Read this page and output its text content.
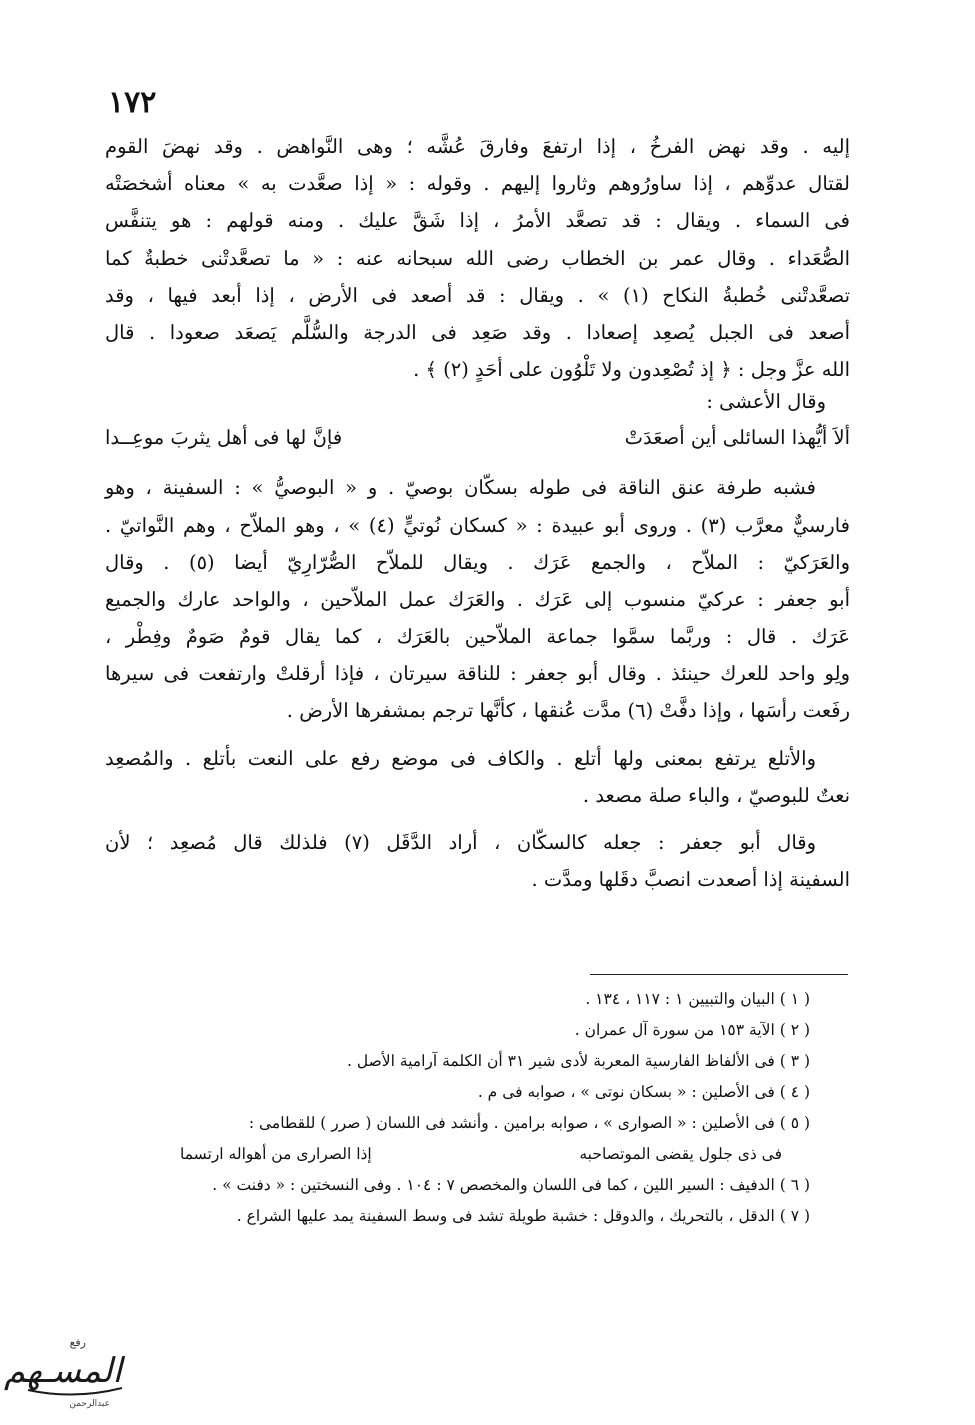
١٧٢
إليه . وقد نهض الفرخُ ، إذا ارتفعَ وفارقَ عُشَّه ؛ وهى النَّواهض . وقد نهضَ القوم
لقتال عدوِّهم ، إذا ساورُوهم وثاروا إليهم . وقوله : « إذا صعَّدت به » معناه أشخصَتْه
فى السماء . ويقال : قد تصعَّد الأمرُ ، إذا شَقَّ عليك . ومنه قولهم : هو يتنفَّس
الصُّعَداء . وقال عمر بن الخطاب رضى الله سبحانه عنه : « ما تصعَّدتْنى خطبةٌ كما
تصعَّدتْنى خُطبةُ النكاح (١) » . ويقال : قد أصعد فى الأرض ، إذا أبعد فيها ، وقد
أصعد فى الجبل يُصعِد إصعادا . وقد صَعِد فى الدرجة والسُّلَّم يَصعَد صعودا . قال
الله عزَّ وجل : ﴿ إذ تُصْعِدون ولا تَلْوُون على أحَدٍ (٢) ﴾ .
وقال الأعشى :
ألاَ أيُّهذا السائلى أين أصعَدَتْ
فإنَّ لها فى أهل يثربَ موعِــدا
فشبه طرفة عنق الناقة فى طوله بسكّان بوصيّ . و « البوصيُّ » : السفينة ، وهو
فارسيٌّ معرَّب (٣) . وروى أبو عبيدة : « كسكان نُوتيٍّ (٤) » ، وهو الملاّح ، وهم النَّواتيّ .
والعَرَكيّ : الملاّح ، والجمع عَرَك . ويقال للملاّح الصُّرّارِيّ أيضا (٥) . وقال
أبو جعفر : عركيّ منسوب إلى عَرَك . والعَرَك عمل الملاّحين ، والواحد عارك والجميع
عَرَك . قال : وربَّما سمَّوا جماعة الملاّحين بالعَرَك ، كما يقال قومٌ صَومٌ وفِطْر ،
ولِو واحد للعرك حينئذ . وقال أبو جعفر : للناقة سيرتان ، فإذا أرقلتْ وارتفعت فى سيرها
رفَعت رأسَها ، وإذا دفَّتْ (٦) مدَّت عُنقها ، كأنَّها ترجم بمشفرها الأرض .
والأتلع يرتفع بمعنى ولها أتلع . والكاف فى موضع رفع على النعت بأتلع . والمُصعِد
نعتٌ للبوصيّ ، والباء صلة مصعد .
وقال أبو جعفر : جعله كالسكّان ، أراد الدَّقَل (٧) فلذلك قال مُصعِد ؛ لأن
السفينة إذا أصعدت انصبَّ دقَلها ومدَّت .
( ١ ) البيان والتبيين ١ : ١١٧ ، ١٣٤ .
( ٢ ) الآية ١٥٣ من سورة آل عمران .
( ٣ ) فى الألفاظ الفارسية المعربة لأدى شير ٣١ أن الكلمة آرامية الأصل .
( ٤ ) فى الأصلين : « بسكان نوتى » ، صوابه فى م .
( ٥ ) فى الأصلين : « الصوارى » ، صوابه برامين . وأنشد فى اللسان ( صرر ) للقطامى :
فى ذى جلول يقضى الموتصاحبه
إذا الصرارى من أهواله ارتسما
( ٦ ) الدفيف : السير اللين ، كما فى اللسان والمخصص ٧ : ١٠٤ . وفى النسختين : « دفنت » .
( ٧ ) الدقل ، بالتحريك ، والدوقل : خشبة طويلة تشد فى وسط السفينة يمد عليها الشراع .
رفع
المسـهم
عبدالرحمن
